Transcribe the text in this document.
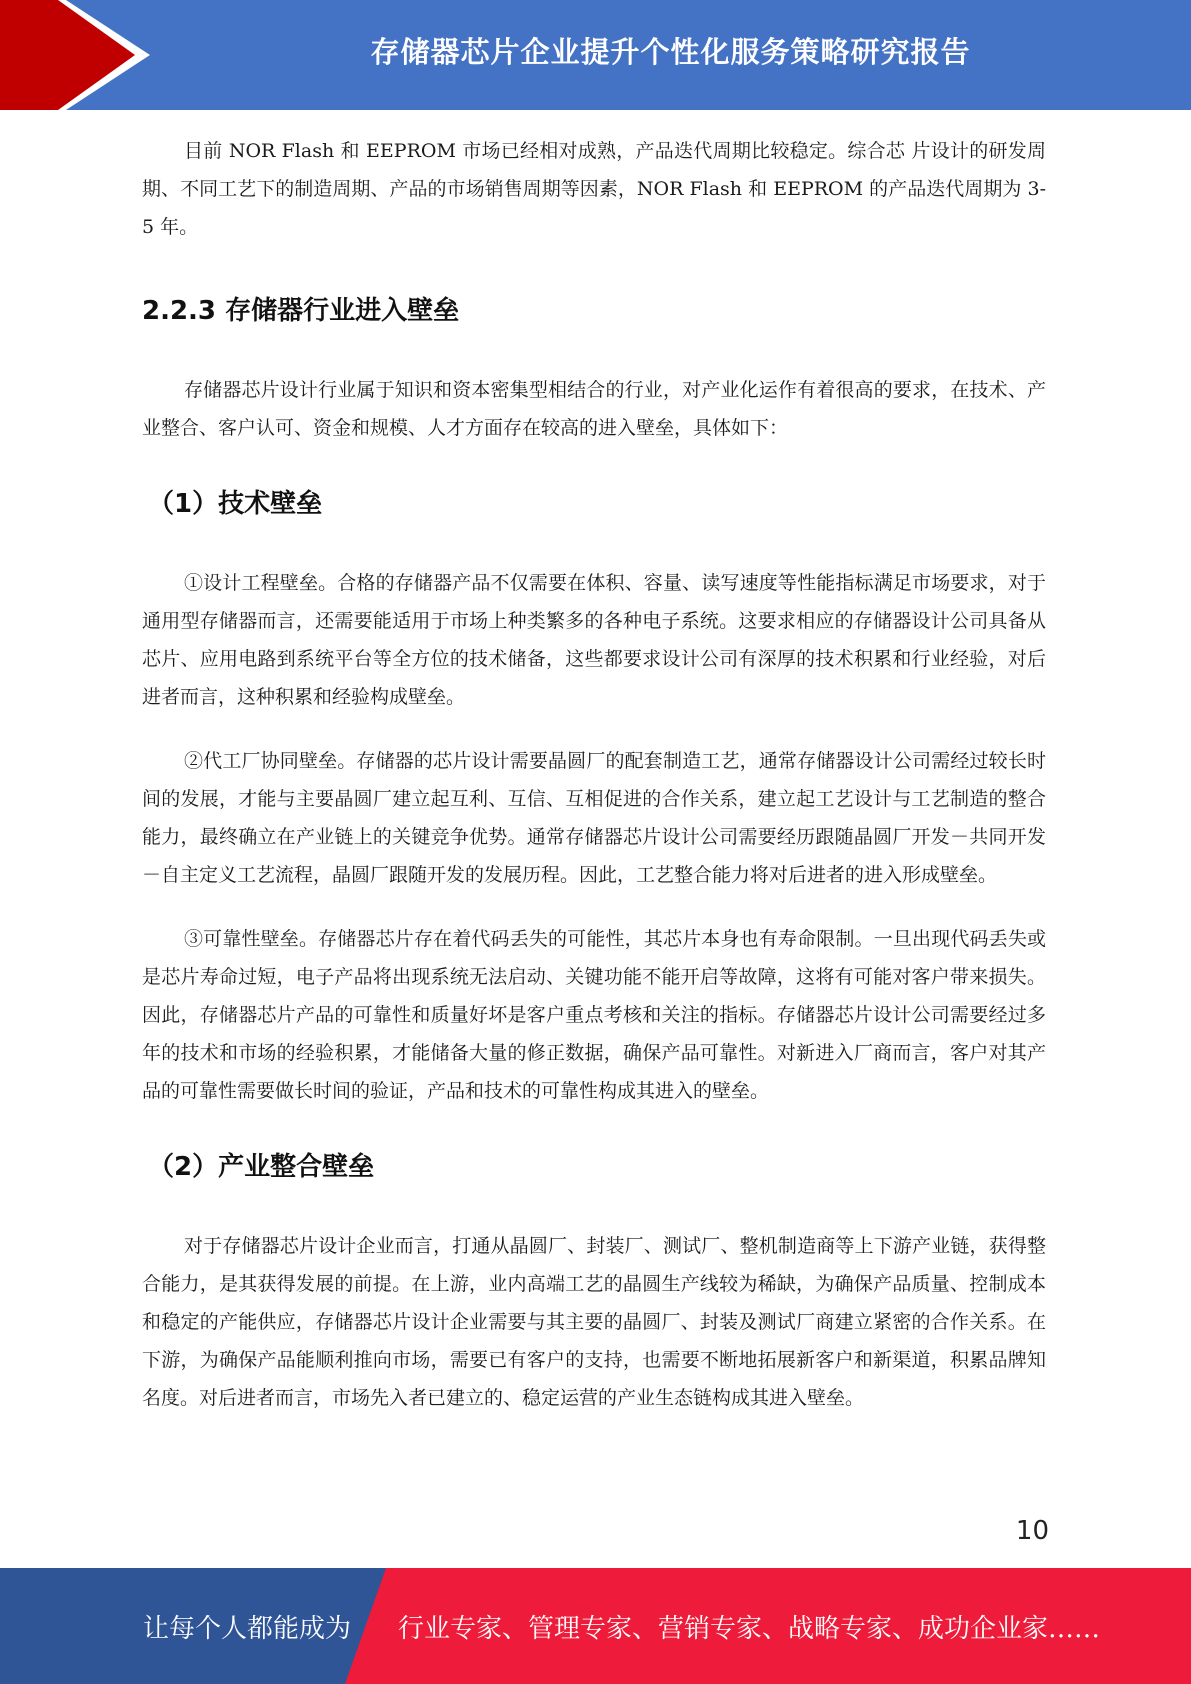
存储器芯片企业提升个性化服务策略研究报告

目前 NOR Flash 和 EEPROM 市场已经相对成熟，产品迭代周期比较稳定。综合芯 片设计的研发周期、不同工艺下的制造周期、产品的市场销售周期等因素，NOR Flash 和 EEPROM 的产品迭代周期为 3-5 年。

2.2.3 存储器行业进入壁垒

存储器芯片设计行业属于知识和资本密集型相结合的行业，对产业化运作有着很高的要求，在技术、产业整合、客户认可、资金和规模、人才方面存在较高的进入壁垒，具体如下：

（1）技术壁垒

①设计工程壁垒。合格的存储器产品不仅需要在体积、容量、读写速度等性能指标满足市场要求，对于通用型存储器而言，还需要能适用于市场上种类繁多的各种电子系统。这要求相应的存储器设计公司具备从芯片、应用电路到系统平台等全方位的技术储备，这些都要求设计公司有深厚的技术积累和行业经验，对后进者而言，这种积累和经验构成壁垒。

②代工厂协同壁垒。存储器的芯片设计需要晶圆厂的配套制造工艺，通常存储器设计公司需经过较长时间的发展，才能与主要晶圆厂建立起互利、互信、互相促进的合作关系，建立起工艺设计与工艺制造的整合能力，最终确立在产业链上的关键竞争优势。通常存储器芯片设计公司需要经历跟随晶圆厂开发－共同开发－自主定义工艺流程，晶圆厂跟随开发的发展历程。因此，工艺整合能力将对后进者的进入形成壁垒。

③可靠性壁垒。存储器芯片存在着代码丢失的可能性，其芯片本身也有寿命限制。一旦出现代码丢失或是芯片寿命过短，电子产品将出现系统无法启动、关键功能不能开启等故障，这将有可能对客户带来损失。因此，存储器芯片产品的可靠性和质量好坏是客户重点考核和关注的指标。存储器芯片设计公司需要经过多年的技术和市场的经验积累，才能储备大量的修正数据，确保产品可靠性。对新进入厂商而言，客户对其产品的可靠性需要做长时间的验证，产品和技术的可靠性构成其进入的壁垒。

（2）产业整合壁垒

对于存储器芯片设计企业而言，打通从晶圆厂、封装厂、测试厂、整机制造商等上下游产业链，获得整合能力，是其获得发展的前提。在上游，业内高端工艺的晶圆生产线较为稀缺，为确保产品质量、控制成本和稳定的产能供应，存储器芯片设计企业需要与其主要的晶圆厂、封装及测试厂商建立紧密的合作关系。在下游，为确保产品能顺利推向市场，需要已有客户的支持，也需要不断地拓展新客户和新渠道，积累品牌知名度。对后进者而言，市场先入者已建立的、稳定运营的产业生态链构成其进入壁垒。

10
让每个人都能成为 行业专家、管理专家、营销专家、战略专家、成功企业家……
